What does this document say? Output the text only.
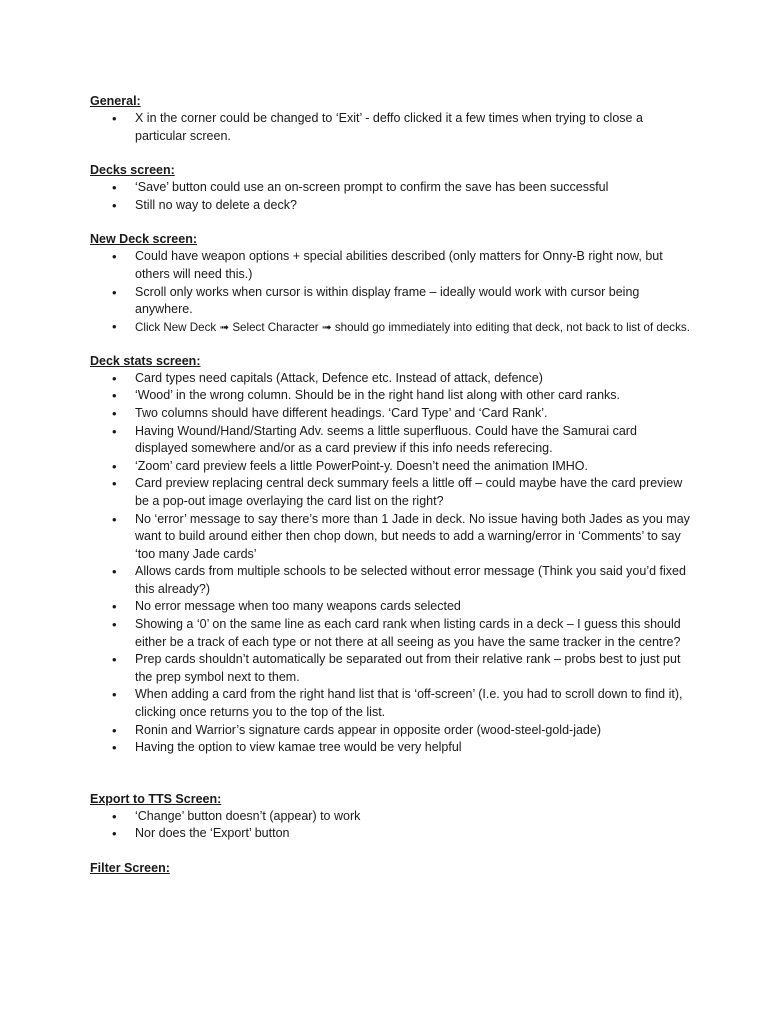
General:
• X in the corner could be changed to ‘Exit’ - deffo clicked it a few times when trying to close a particular screen.
Decks screen:
• ‘Save’ button could use an on-screen prompt to confirm the save has been successful
• Still no way to delete a deck?
New Deck screen:
• Could have weapon options + special abilities described (only matters for Onny-B right now, but others will need this.)
• Scroll only works when cursor is within display frame – ideally would work with cursor being anywhere.
• Click New Deck ➟ Select Character ➟ should go immediately into editing that deck, not back to list of decks.
Deck stats screen:
• Card types need capitals (Attack, Defence etc. Instead of attack, defence)
• ‘Wood’ in the wrong column. Should be in the right hand list along with other card ranks.
• Two columns should have different headings. ‘Card Type’ and ‘Card Rank’.
• Having Wound/Hand/Starting Adv. seems a little superfluous. Could have the Samurai card displayed somewhere and/or as a card preview if this info needs referecing.
• ‘Zoom’ card preview feels a little PowerPoint-y. Doesn’t need the animation IMHO.
• Card preview replacing central deck summary feels a little off – could maybe have the card preview be a pop-out image overlaying the card list on the right?
• No ‘error’ message to say there’s more than 1 Jade in deck. No issue having both Jades as you may want to build around either then chop down, but needs to add a warning/error in ‘Comments’ to say ‘too many Jade cards’
• Allows cards from multiple schools to be selected without error message (Think you said you’d fixed this already?)
• No error message when too many weapons cards selected
• Showing a ‘0’ on the same line as each card rank when listing cards in a deck – I guess this should either be a track of each type or not there at all seeing as you have the same tracker in the centre?
• Prep cards shouldn’t automatically be separated out from their relative rank – probs best to just put the prep symbol next to them.
• When adding a card from the right hand list that is ‘off-screen’ (I.e. you had to scroll down to find it), clicking once returns you to the top of the list.
• Ronin and Warrior’s signature cards appear in opposite order (wood-steel-gold-jade)
• Having the option to view kamae tree would be very helpful
Export to TTS Screen:
• ‘Change’ button doesn’t (appear) to work
• Nor does the ‘Export’ button
Filter Screen:
